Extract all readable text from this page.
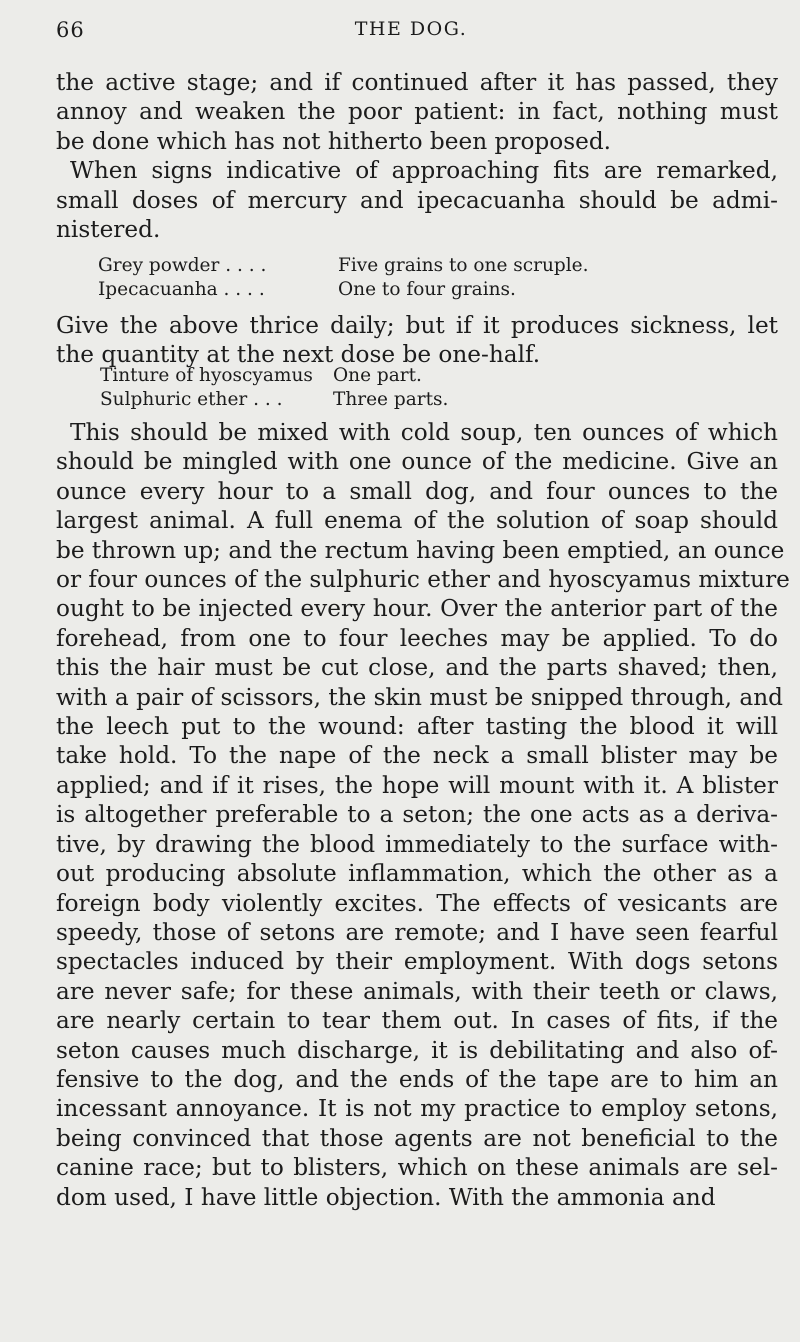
66	THE DOG.
the active stage; and if continued after it has passed, they
annoy and weaken the poor patient: in fact, nothing must
be done which has not hitherto been proposed.
When signs indicative of approaching fits are remarked,
small doses of mercury and ipecacuanha should be admi-
nistered.
Grey powder . . . .	Five grains to one scruple.
Ipecacuanha . . . .	One to four grains.
Give the above thrice daily; but if it produces sickness, let
the quantity at the next dose be one-half.
Tinture of hyoscyamus One part.
Sulphuric ether . . .	Three parts.
This should be mixed with cold soup, ten ounces of which
should be mingled with one ounce of the medicine. Give an
ounce every hour to a small dog, and four ounces to the
largest animal. A full enema of the solution of soap should
be thrown up; and the rectum having been emptied, an ounce
or four ounces of the sulphuric ether and hyoscyamus mixture
ought to be injected every hour. Over the anterior part of the
forehead, from one to four leeches may be applied. To do
this the hair must be cut close, and the parts shaved; then,
with a pair of scissors, the skin must be snipped through, and
the leech put to the wound: after tasting the blood it will
take hold. To the nape of the neck a small blister may be
applied; and if it rises, the hope will mount with it. A blister
is altogether preferable to a seton; the one acts as a deriva-
tive, by drawing the blood immediately to the surface with-
out producing absolute inflammation, which the other as a
foreign body violently excites. The effects of vesicants are
speedy, those of setons are remote; and I have seen fearful
spectacles induced by their employment. With dogs setons
are never safe; for these animals, with their teeth or claws,
are nearly certain to tear them out. In cases of fits, if the
seton causes much discharge, it is debilitating and also of-
fensive to the dog, and the ends of the tape are to him an
incessant annoyance. It is not my practice to employ setons,
being convinced that those agents are not beneficial to the
canine race; but to blisters, which on these animals are sel-
dom used, I have little objection. With the ammonia and
